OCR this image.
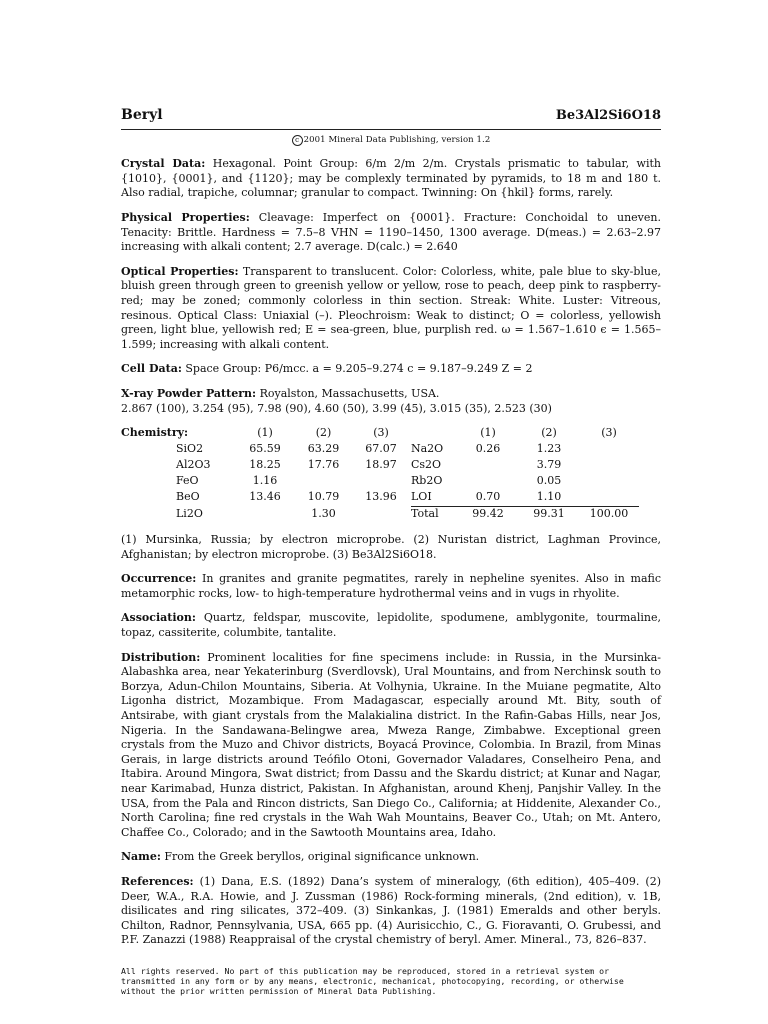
Beryl	Be3Al2Si6O18
c 2001 Mineral Data Publishing, version 1.2
Crystal Data: Hexagonal. Point Group: 6/m 2/m 2/m. Crystals prismatic to tabular, with {1010}, {0001}, and {1120}; may be complexly terminated by pyramids, to 18 m and 180 t. Also radial, trapiche, columnar; granular to compact. Twinning: On {hkil} forms, rarely.
Physical Properties: Cleavage: Imperfect on {0001}. Fracture: Conchoidal to uneven. Tenacity: Brittle. Hardness = 7.5–8 VHN = 1190–1450, 1300 average. D(meas.) = 2.63–2.97 increasing with alkali content; 2.7 average. D(calc.) = 2.640
Optical Properties: Transparent to translucent. Color: Colorless, white, pale blue to sky-blue, bluish green through green to greenish yellow or yellow, rose to peach, deep pink to raspberry-red; may be zoned; commonly colorless in thin section. Streak: White. Luster: Vitreous, resinous. Optical Class: Uniaxial (–). Pleochroism: Weak to distinct; O = colorless, yellowish green, light blue, yellowish red; E = sea-green, blue, purplish red. ω = 1.567–1.610 ϵ = 1.565–1.599; increasing with alkali content.
Cell Data: Space Group: P6/mcc. a = 9.205–9.274 c = 9.187–9.249 Z = 2
X-ray Powder Pattern: Royalston, Massachusetts, USA.
2.867 (100), 3.254 (95), 7.98 (90), 4.60 (50), 3.99 (45), 3.015 (35), 2.523 (30)
Chemistry:
		(1)	(2)	(3)		(1)	(2)	(3)
SiO2	65.59	63.29	67.07	Na2O	0.26	1.23	
Al2O3	18.25	17.76	18.97	Cs2O		3.79	
FeO	1.16			Rb2O		0.05	
BeO	13.46	10.79	13.96	LOI	0.70	1.10	
Li2O		1.30		Total	99.42	99.31	100.00
(1) Mursinka, Russia; by electron microprobe. (2) Nuristan district, Laghman Province, Afghanistan; by electron microprobe. (3) Be3Al2Si6O18.
Occurrence: In granites and granite pegmatites, rarely in nepheline syenites. Also in mafic metamorphic rocks, low- to high-temperature hydrothermal veins and in vugs in rhyolite.
Association: Quartz, feldspar, muscovite, lepidolite, spodumene, amblygonite, tourmaline, topaz, cassiterite, columbite, tantalite.
Distribution: Prominent localities for fine specimens include: in Russia, in the Mursinka-Alabashka area, near Yekaterinburg (Sverdlovsk), Ural Mountains, and from Nerchinsk south to Borzya, Adun-Chilon Mountains, Siberia. At Volhynia, Ukraine. In the Muiane pegmatite, Alto Ligonha district, Mozambique. From Madagascar, especially around Mt. Bity, south of Antsirabe, with giant crystals from the Malakialina district. In the Rafin-Gabas Hills, near Jos, Nigeria. In the Sandawana-Belingwe area, Mweza Range, Zimbabwe. Exceptional green crystals from the Muzo and Chivor districts, Boyacá Province, Colombia. In Brazil, from Minas Gerais, in large districts around Teófilo Otoni, Governador Valadares, Conselheiro Pena, and Itabira. Around Mingora, Swat district; from Dassu and the Skardu district; at Kunar and Nagar, near Karimabad, Hunza district, Pakistan. In Afghanistan, around Khenj, Panjshir Valley. In the USA, from the Pala and Rincon districts, San Diego Co., California; at Hiddenite, Alexander Co., North Carolina; fine red crystals in the Wah Wah Mountains, Beaver Co., Utah; on Mt. Antero, Chaffee Co., Colorado; and in the Sawtooth Mountains area, Idaho.
Name: From the Greek beryllos, original significance unknown.
References: (1) Dana, E.S. (1892) Dana’s system of mineralogy, (6th edition), 405–409. (2) Deer, W.A., R.A. Howie, and J. Zussman (1986) Rock-forming minerals, (2nd edition), v. 1B, disilicates and ring silicates, 372–409. (3) Sinkankas, J. (1981) Emeralds and other beryls. Chilton, Radnor, Pennsylvania, USA, 665 pp. (4) Aurisicchio, C., G. Fioravanti, O. Grubessi, and P.F. Zanazzi (1988) Reappraisal of the crystal chemistry of beryl. Amer. Mineral., 73, 826–837.
All rights reserved. No part of this publication may be reproduced, stored in a retrieval system or transmitted in any form or by any means, electronic, mechanical, photocopying, recording, or otherwise without the prior written permission of Mineral Data Publishing.
